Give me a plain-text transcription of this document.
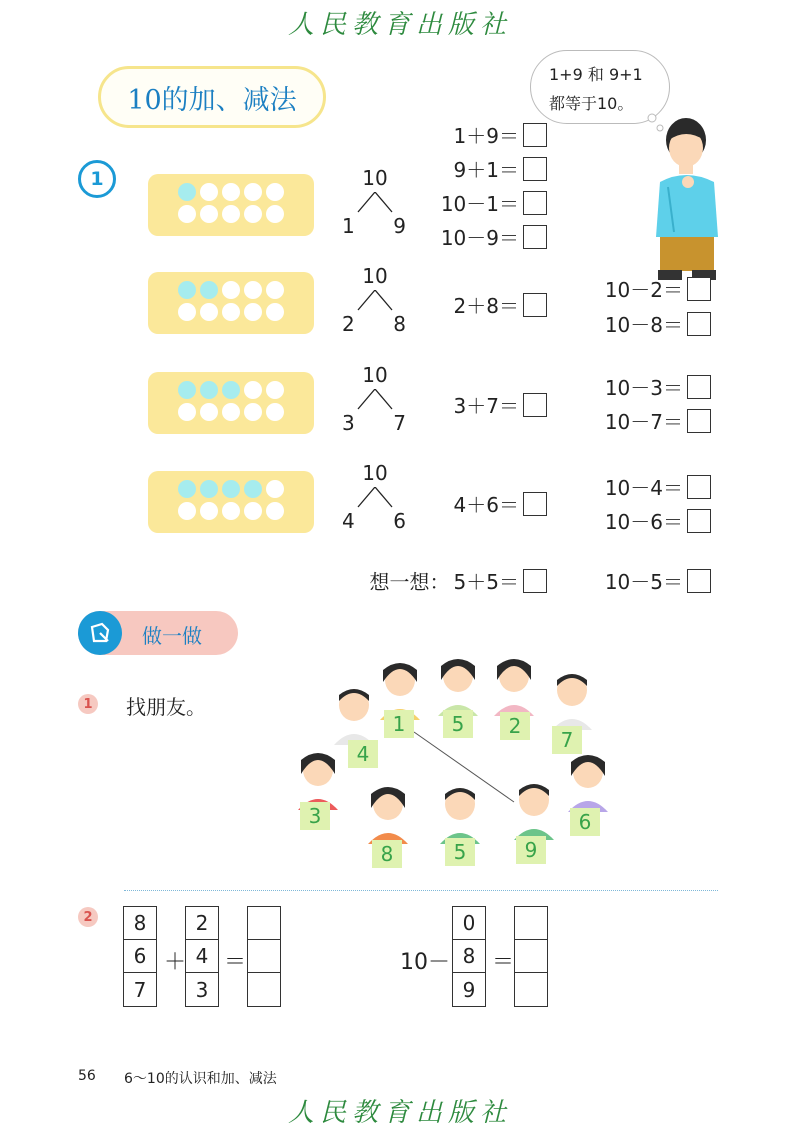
人民教育出版社
10的加、减法
1+9 和 9+1
都等于10。
1	10
1 9
1＋9＝
9＋1＝
10－1＝
10－9＝
10
2 8
2＋8＝
10－2＝
10－8＝
10
3 7
3＋7＝
10－3＝
10－7＝
10
4 6
4＋6＝
10－4＝
10－6＝
想一想： 5＋5＝	10－5＝
做一做
1 找朋友。
4
1	5	2
7
3
8	5	9
6
2	8
6
7
＋
2
4
3
＝	10－
0
8
9
＝
56 6～10的认识和加、减法
人民教育出版社
